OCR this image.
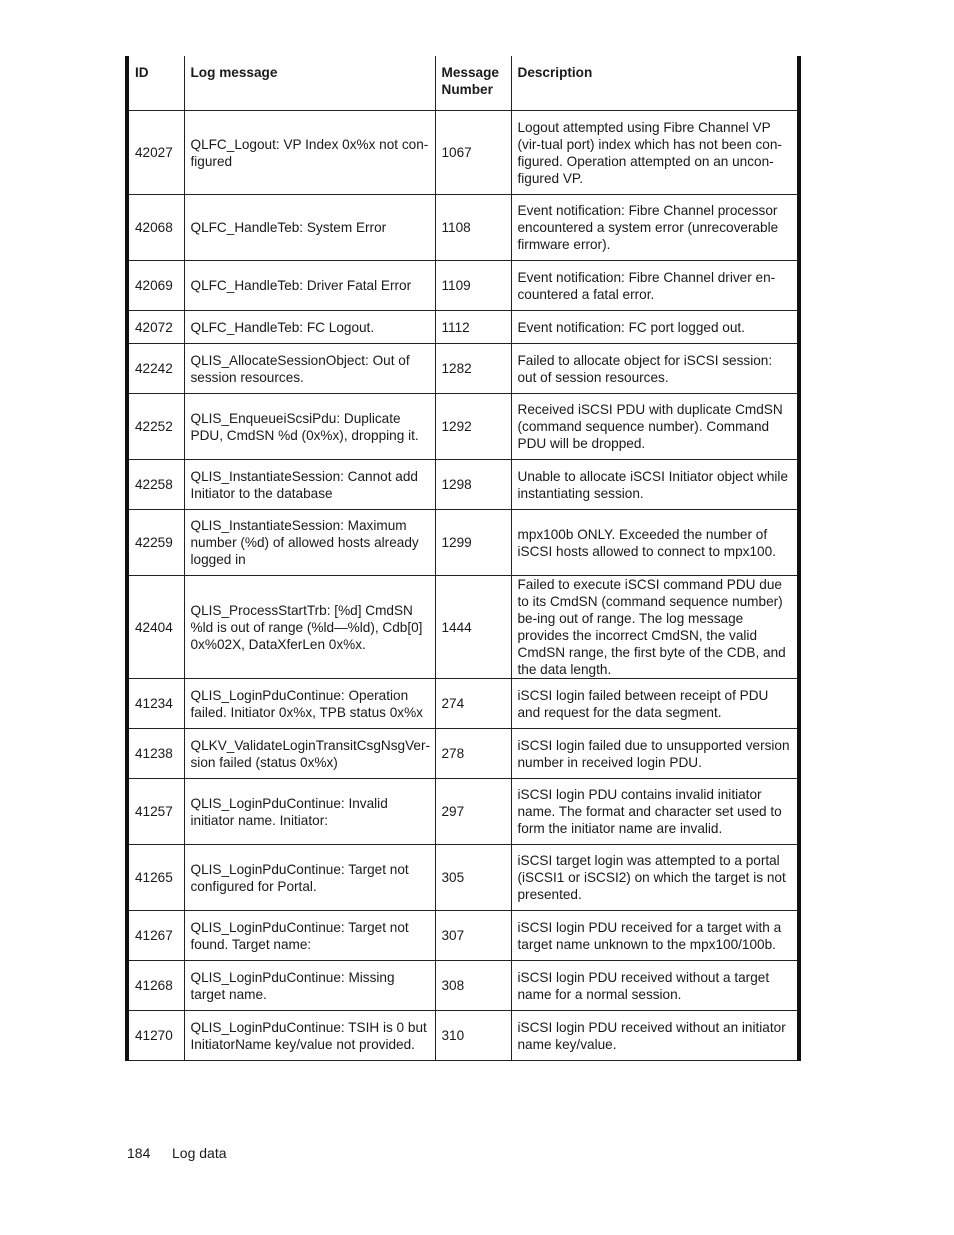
ID	Log message	Message Number	Description
42027	QLFC_Logout: VP Index 0x%x not con-figured	1067	Logout attempted using Fibre Channel VP (vir-tual port) index which has not been con-figured. Operation attempted on an uncon-figured VP.
42068	QLFC_HandleTeb: System Error	1108	Event notification: Fibre Channel processor encountered a system error (unrecoverable firmware error).
42069	QLFC_HandleTeb: Driver Fatal Error	1109	Event notification: Fibre Channel driver en-countered a fatal error.
42072	QLFC_HandleTeb: FC Logout.	1112	Event notification: FC port logged out.
42242	QLIS_AllocateSessionObject: Out of session resources.	1282	Failed to allocate object for iSCSI session: out of session resources.
42252	QLIS_EnqueueiScsiPdu: Duplicate PDU, CmdSN %d (0x%x), dropping it.	1292	Received iSCSI PDU with duplicate CmdSN (command sequence number). Command PDU will be dropped.
42258	QLIS_InstantiateSession: Cannot add Initiator to the database	1298	Unable to allocate iSCSI Initiator object while instantiating session.
42259	QLIS_InstantiateSession: Maximum number (%d) of allowed hosts already logged in	1299	mpx100b ONLY. Exceeded the number of iSCSI hosts allowed to connect to mpx100.
42404	QLIS_ProcessStartTrb: [%d] CmdSN %ld is out of range (%ld—%ld), Cdb[0] 0x%02X, DataXferLen 0x%x.	1444	Failed to execute iSCSI command PDU due to its CmdSN (command sequence number) be-ing out of range. The log message provides the incorrect CmdSN, the valid CmdSN range, the first byte of the CDB, and the data length.
41234	QLIS_LoginPduContinue: Operation failed. Initiator 0x%x, TPB status 0x%x	274	iSCSI login failed between receipt of PDU and request for the data segment.
41238	QLKV_ValidateLoginTransitCsgNsgVer-sion failed (status 0x%x)	278	iSCSI login failed due to unsupported version number in received login PDU.
41257	QLIS_LoginPduContinue: Invalid initiator name. Initiator:	297	iSCSI login PDU contains invalid initiator name. The format and character set used to form the initiator name are invalid.
41265	QLIS_LoginPduContinue: Target not configured for Portal.	305	iSCSI target login was attempted to a portal (iSCSI1 or iSCSI2) on which the target is not presented.
41267	QLIS_LoginPduContinue: Target not found. Target name:	307	iSCSI login PDU received for a target with a target name unknown to the mpx100/100b.
41268	QLIS_LoginPduContinue: Missing target name.	308	iSCSI login PDU received without a target name for a normal session.
41270	QLIS_LoginPduContinue: TSIH is 0 but InitiatorName key/value not provided.	310	iSCSI login PDU received without an initiator name key/value.
184 Log data
